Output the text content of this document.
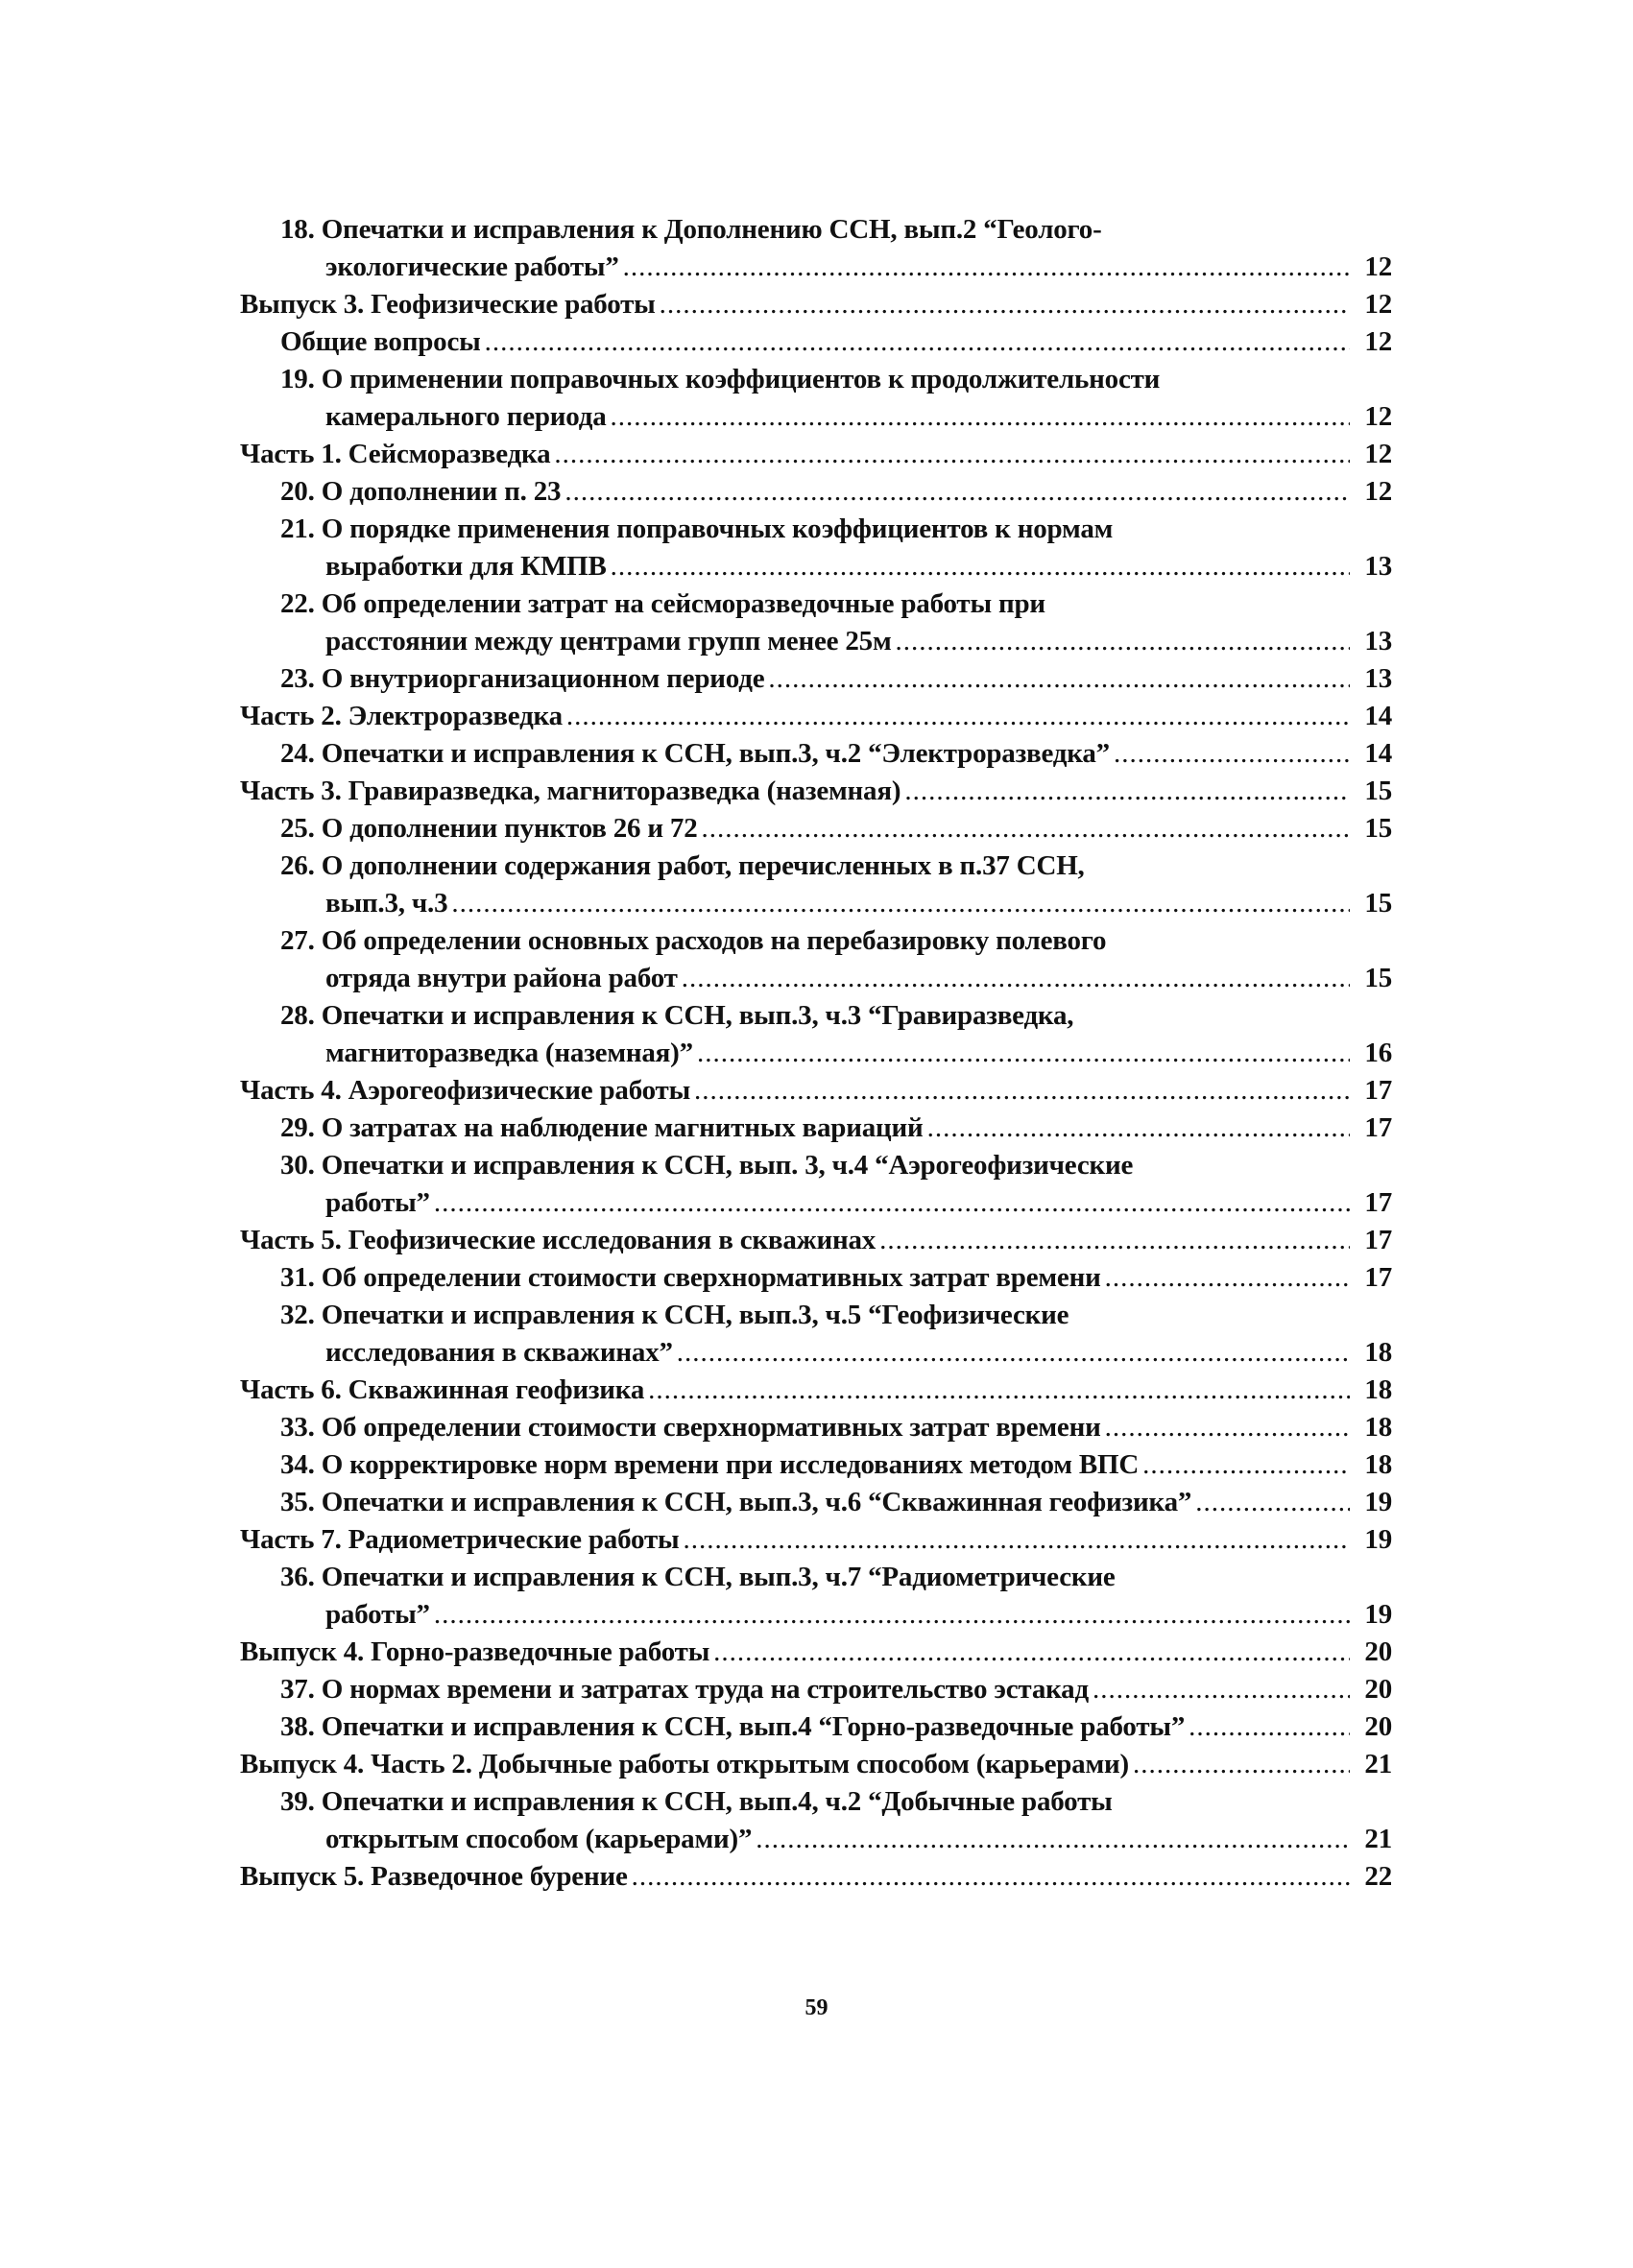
18. Опечатки и исправления к Дополнению ССН, вып.2 “Геолого-
экологические работы” .....	12
Выпуск 3. Геофизические работы .....	12
Общие вопросы .....	12
19. О применении поправочных коэффициентов к продолжительности
камерального периода .....	12
Часть 1. Сейсморазведка .....	12
20. О дополнении п. 23 .....	12
21. О порядке применения поправочных коэффициентов к нормам
выработки для КМПВ .....	13
22. Об определении затрат на сейсморазведочные работы при
расстоянии между центрами групп менее 25м .....	13
23. О внутриорганизационном периоде .....	13
Часть 2. Электроразведка .....	14
24. Опечатки и исправления к ССН, вып.3, ч.2 “Электроразведка” .....	14
Часть 3. Гравиразведка, магниторазведка (наземная) .....	15
25. О дополнении пунктов 26 и 72 .....	15
26. О дополнении содержания работ, перечисленных в п.37 ССН,
вып.3, ч.3 .....	15
27. Об определении основных расходов на перебазировку полевого
отряда внутри района работ .....	15
28. Опечатки и исправления к ССН, вып.3, ч.3 “Гравиразведка,
магниторазведка (наземная)” .....	16
Часть 4. Аэрогеофизические работы .....	17
29. О затратах на наблюдение магнитных вариаций .....	17
30. Опечатки и исправления к ССН, вып. 3, ч.4 “Аэрогеофизические
работы” .....	17
Часть 5. Геофизические исследования в скважинах .....	17
31. Об определении стоимости сверхнормативных затрат времени .....	17
32. Опечатки и исправления к ССН, вып.3, ч.5 “Геофизические
исследования в скважинах” .....	18
Часть 6. Скважинная геофизика .....	18
33. Об определении стоимости сверхнормативных затрат времени .....	18
34. О корректировке норм времени при исследованиях методом ВПС .....	18
35. Опечатки и исправления к ССН, вып.3, ч.6 “Скважинная геофизика” .....	19
Часть 7. Радиометрические работы .....	19
36. Опечатки и исправления к ССН, вып.3, ч.7 “Радиометрические
работы” .....	19
Выпуск 4. Горно-разведочные работы .....	20
37. О нормах времени и затратах труда на строительство эстакад .....	20
38. Опечатки и исправления к ССН, вып.4 “Горно-разведочные работы” .....	20
Выпуск 4. Часть 2. Добычные работы открытым способом (карьерами) .....	21
39. Опечатки и исправления к ССН, вып.4, ч.2 “Добычные работы
открытым способом (карьерами)” .....	21
Выпуск 5. Разведочное бурение .....	22
59
